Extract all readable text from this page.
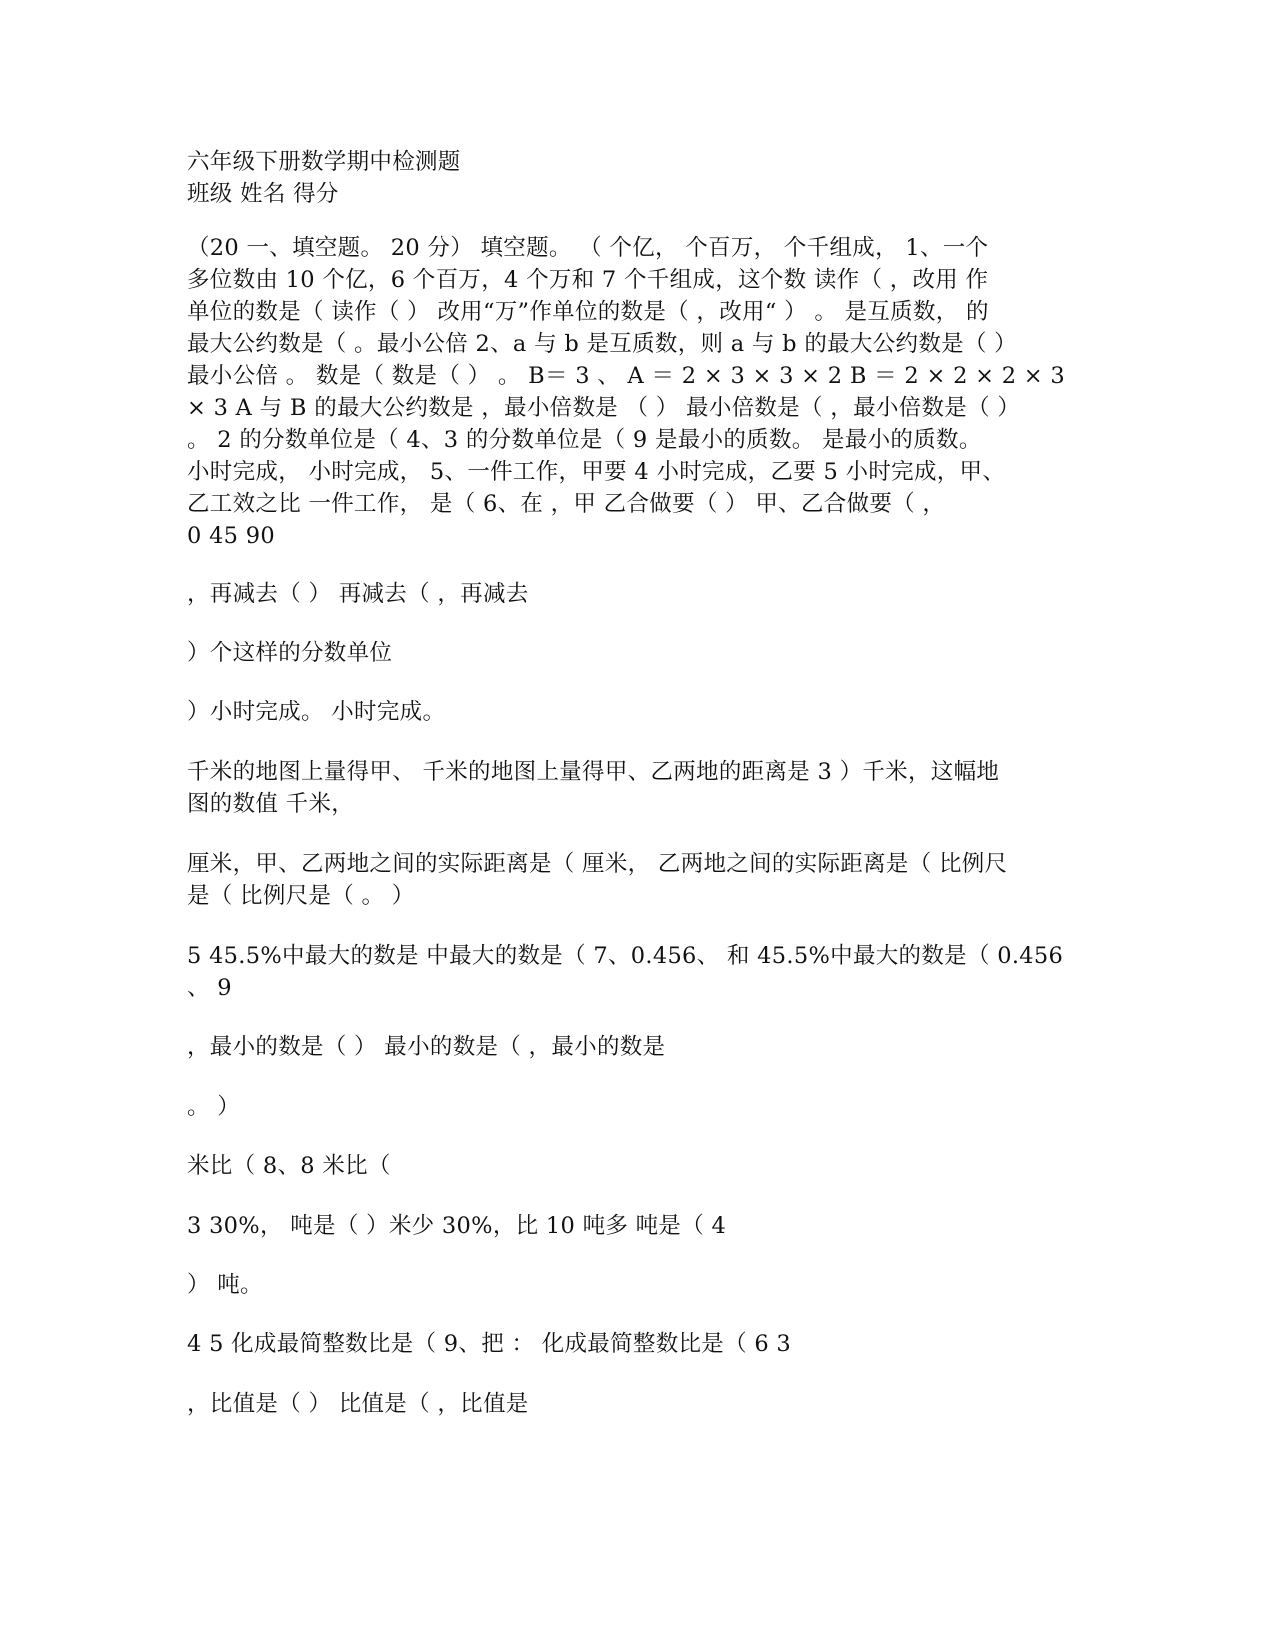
六年级下册数学期中检测题
班级 姓名 得分
（20 一、填空题。 20 分） 填空题。 （ 个亿， 个百万， 个千组成， 1、一个
多位数由 10 个亿，6 个百万，4 个万和 7 个千组成，这个数 读作（ ，改用 作
单位的数是（ 读作（ ） 改用“万”作单位的数是（ ，改用“ ） 。 是互质数， 的
最大公约数是（ 。最小公倍 2、a 与 b 是互质数，则 a 与 b 的最大公约数是（ ）
最小公倍 。 数是（ 数是（ ） 。 B＝ 3 、 A ＝ 2 × 3 × 3 × 2 B ＝ 2 × 2 × 2 × 3
× 3 A 与 B 的最大公约数是 ，最小倍数是 （ ） 最小倍数是（ ，最小倍数是（ ）
。 2 的分数单位是（ 4、3 的分数单位是（ 9 是最小的质数。 是最小的质数。
小时完成， 小时完成， 5、一件工作，甲要 4 小时完成，乙要 5 小时完成，甲、
乙工效之比 一件工作， 是（ 6、在 ，甲 乙合做要（ ） 甲、乙合做要（ ，
0 45 90
，再减去（ ） 再减去（ ，再减去
）个这样的分数单位
）小时完成。 小时完成。
千米的地图上量得甲、 千米的地图上量得甲、乙两地的距离是 3 ）千米，这幅地
图的数值 千米，
厘米，甲、乙两地之间的实际距离是（ 厘米， 乙两地之间的实际距离是（ 比例尺
是（ 比例尺是（ 。 ）
5 45.5%中最大的数是 中最大的数是（ 7、0.456、 和 45.5%中最大的数是（ 0.456
、 9
，最小的数是（ ） 最小的数是（ ，最小的数是
。 ）
米比（ 8、8 米比（
3 30%， 吨是（ ）米少 30%，比 10 吨多 吨是（ 4
） 吨。
4 5 化成最简整数比是（ 9、把 ： 化成最简整数比是（ 6 3
，比值是（ ） 比值是（ ，比值是
